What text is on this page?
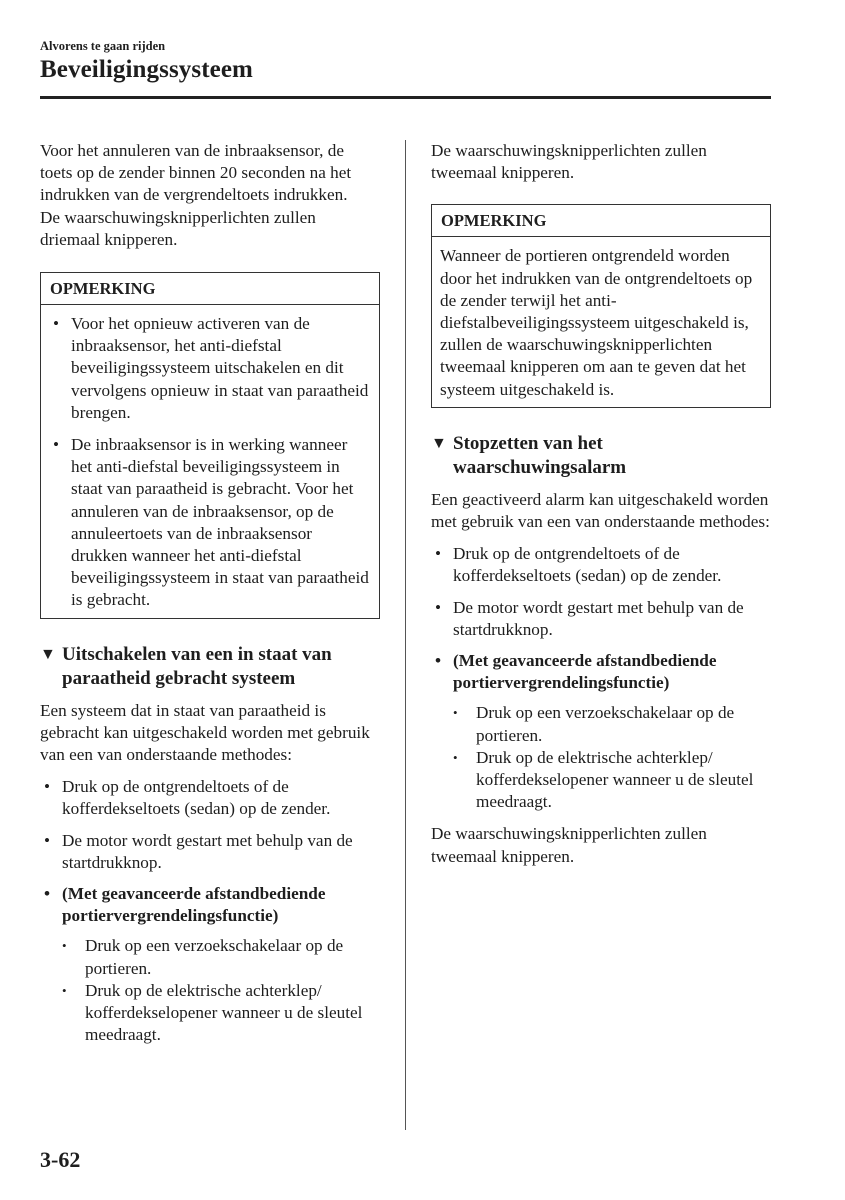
Alvorens te gaan rijden
Beveiligingssysteem

Voor het annuleren van de inbraaksensor, de toets op de zender binnen 20 seconden na het indrukken van de vergrendeltoets indrukken.

De waarschuwingsknipperlichten zullen driemaal knipperen.

OPMERKING
• Voor het opnieuw activeren van de inbraaksensor, het anti-diefstal beveiligingssysteem uitschakelen en dit vervolgens opnieuw in staat van paraatheid brengen.
• De inbraaksensor is in werking wanneer het anti-diefstal beveiligingssysteem in staat van paraatheid is gebracht. Voor het annuleren van de inbraaksensor, op de annuleertoets van de inbraaksensor drukken wanneer het anti-diefstal beveiligingssysteem in staat van paraatheid is gebracht.
▼ Uitschakelen van een in staat van paraatheid gebracht systeem

Een systeem dat in staat van paraatheid is gebracht kan uitgeschakeld worden met gebruik van een van onderstaande methodes:

• Druk op de ontgrendeltoets of de kofferdekseltoets (sedan) op de zender.
• De motor wordt gestart met behulp van de startdrukknop.
• (Met geavanceerde afstandbediende portiervergrendelingsfunctie)
• Druk op een verzoekschakelaar op de portieren.
• Druk op de elektrische achterklep/ kofferdekselopener wanneer u de sleutel meedraagt.

De waarschuwingsknipperlichten zullen tweemaal knipperen.

OPMERKING

Wanneer de portieren ontgrendeld worden door het indrukken van de ontgrendeltoets op de zender terwijl het anti-diefstalbeveiligingssysteem uitgeschakeld is, zullen de waarschuwingsknipperlichten tweemaal knipperen om aan te geven dat het systeem uitgeschakeld is.

▼ Stopzetten van het waarschuwingsalarm

Een geactiveerd alarm kan uitgeschakeld worden met gebruik van een van onderstaande methodes:

• Druk op de ontgrendeltoets of de kofferdekseltoets (sedan) op de zender.
• De motor wordt gestart met behulp van de startdrukknop.
• (Met geavanceerde afstandbediende portiervergrendelingsfunctie)
• Druk op een verzoekschakelaar op de portieren.
• Druk op de elektrische achterklep/ kofferdekselopener wanneer u de sleutel meedraagt.

De waarschuwingsknipperlichten zullen tweemaal knipperen.

3-62
